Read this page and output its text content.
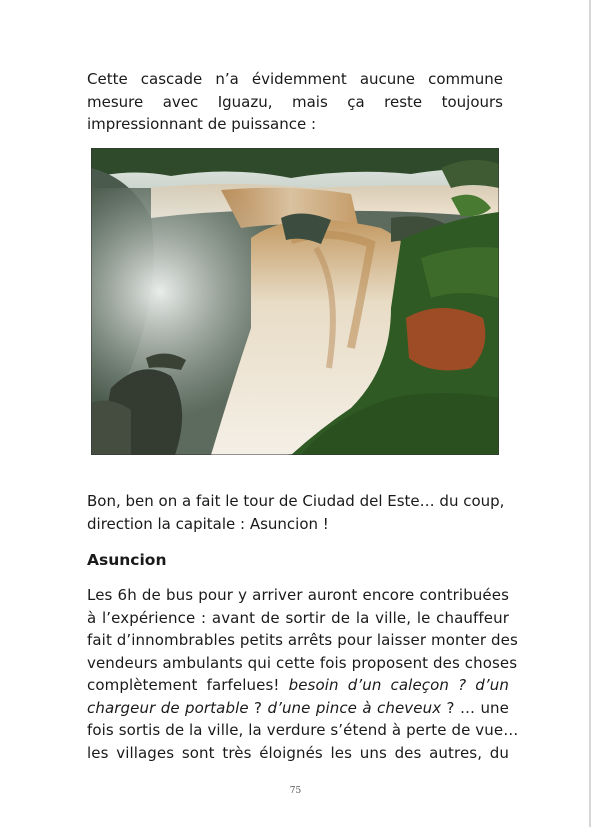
Cette cascade n’a évidemment aucune commune
mesure avec Iguazu, mais ça reste toujours
impressionnant de puissance :

Bon, ben on a fait le tour de Ciudad del Este… du coup,
direction la capitale : Asuncion !

Asuncion

Les 6h de bus pour y arriver auront encore contribuées
à l’expérience : avant de sortir de la ville, le chauffeur
fait d’innombrables petits arrêts pour laisser monter des
vendeurs ambulants qui cette fois proposent des choses
complètement farfelues! besoin d’un caleçon ? d’un
chargeur de portable ? d’une pince à cheveux ? … une
fois sortis de la ville, la verdure s’étend à perte de vue…
les villages sont très éloignés les uns des autres, du

75
